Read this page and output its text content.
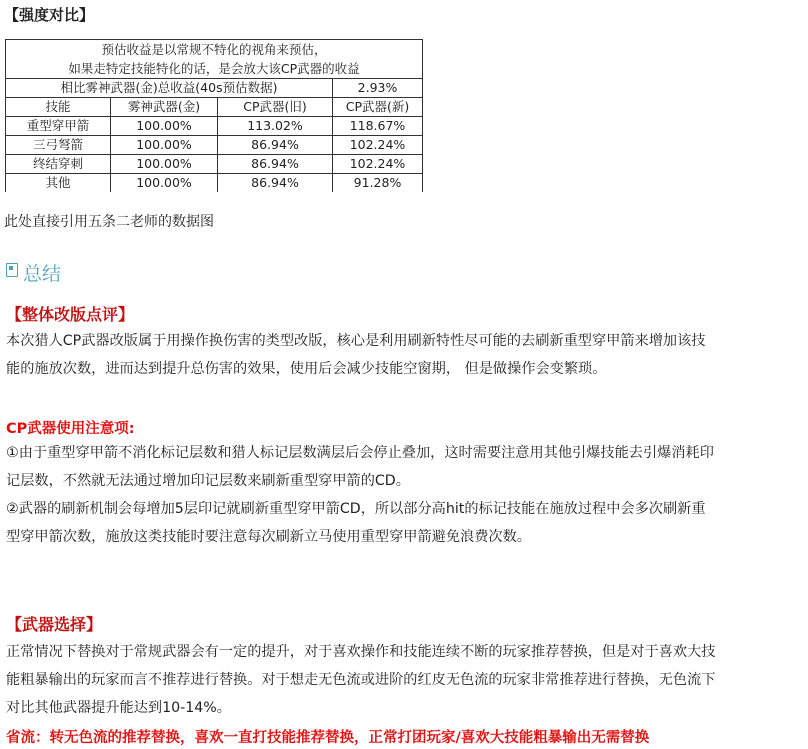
【强度对比】
预估收益是以常规不特化的视角来预估，			
如果走特定技能特化的话，是会放大该CP武器的收益			
相比雾神武器(金)总收益(40s预估数据)			2.93%
技能	雾神武器(金)	CP武器(旧)	CP武器(新)
重型穿甲箭	100.00%	113.02%	118.67%
三弓弩箭	100.00%	86.94%	102.24%
终结穿刺	100.00%	86.94%	102.24%
其他	100.00%	86.94%	91.28%
此处直接引用五条二老师的数据图
总结
【整体改版点评】

本次猎人CP武器改版属于用操作换伤害的类型改版，核心是利用刷新特性尽可能的去刷新重型穿甲箭来增加该技

能的施放次数，进而达到提升总伤害的效果，使用后会减少技能空窗期， 但是做操作会变繁琐。

CP武器使用注意项:

①由于重型穿甲箭不消化标记层数和猎人标记层数满层后会停止叠加，这时需要注意用其他引爆技能去引爆消耗印

记层数，不然就无法通过增加印记层数来刷新重型穿甲箭的CD。

②武器的刷新机制会每增加5层印记就刷新重型穿甲箭CD，所以部分高hit的标记技能在施放过程中会多次刷新重

型穿甲箭次数，施放这类技能时要注意每次刷新立马使用重型穿甲箭避免浪费次数。

【武器选择】

正常情况下替换对于常规武器会有一定的提升，对于喜欢操作和技能连续不断的玩家推荐替换，但是对于喜欢大技

能粗暴输出的玩家而言不推荐进行替换。对于想走无色流或进阶的红皮无色流的玩家非常推荐进行替换，无色流下

对比其他武器提升能达到10-14%。

省流：转无色流的推荐替换，喜欢一直打技能推荐替换，正常打团玩家/喜欢大技能粗暴输出无需替换
